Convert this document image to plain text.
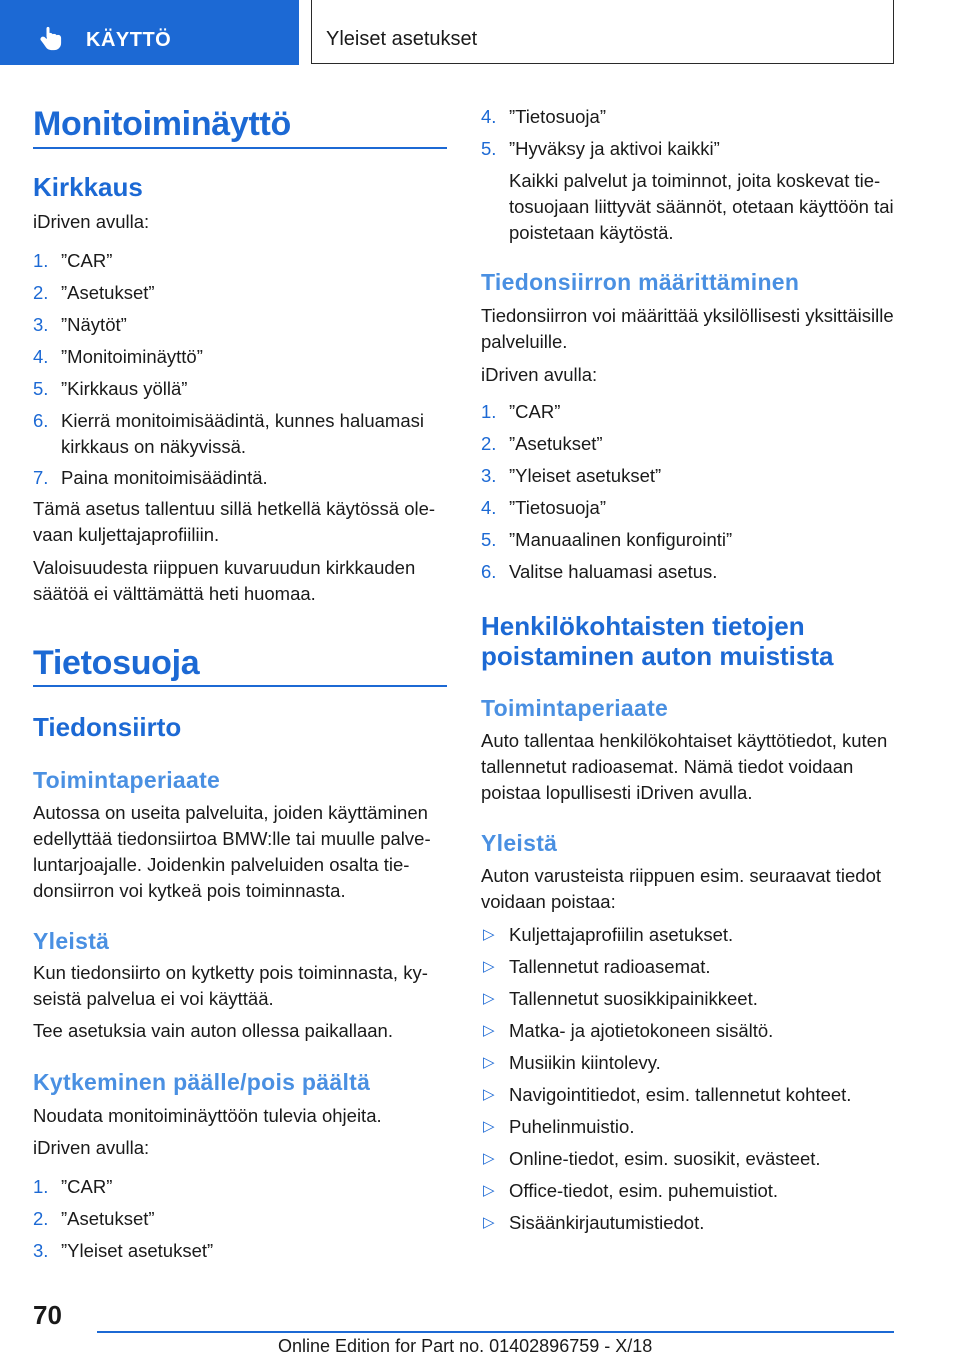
KÄYTTÖ	Yleiset asetukset
Monitoiminäyttö
Kirkkaus
iDriven avulla:
1. ”CAR”
2. ”Asetukset”
3. ”Näytöt”
4. ”Monitoiminäyttö”
5. ”Kirkkaus yöllä”
6. Kierrä monitoimisäädintä, kunnes haluamasi kirkkaus on näkyvissä.
7. Paina monitoimisäädintä.
Tämä asetus tallentuu sillä hetkellä käytössä olevaan kuljettajaprofiiliin.
Valoisuudesta riippuen kuvaruudun kirkkauden säätöä ei välttämättä heti huomaa.
Tietosuoja
Tiedonsiirto
Toimintaperiaate
Autossa on useita palveluita, joiden käyttäminen edellyttää tiedonsiirtoa BMW:lle tai muulle palveluntarjoajalle. Joidenkin palveluiden osalta tiedonsiirron voi kytkeä pois toiminnasta.
Yleistä
Kun tiedonsiirto on kytketty pois toiminnasta, kyseistä palvelua ei voi käyttää.
Tee asetuksia vain auton ollessa paikallaan.
Kytkeminen päälle/pois päältä
Noudata monitoiminäyttöön tulevia ohjeita.
iDriven avulla:
1. ”CAR”
2. ”Asetukset”
3. ”Yleiset asetukset”
4. ”Tietosuoja”
5. ”Hyväksy ja aktivoi kaikki”
Kaikki palvelut ja toiminnot, joita koskevat tietosuojaan liittyvät säännöt, otetaan käyttöön tai poistetaan käytöstä.
Tiedonsiirron määrittäminen
Tiedonsiirron voi määrittää yksilöllisesti yksittäisille palveluille.
iDriven avulla:
1. ”CAR”
2. ”Asetukset”
3. ”Yleiset asetukset”
4. ”Tietosuoja”
5. ”Manuaalinen konfigurointi”
6. Valitse haluamasi asetus.
Henkilökohtaisten tietojen
poistaminen auton muistista
Toimintaperiaate
Auto tallentaa henkilökohtaiset käyttötiedot, kuten tallennetut radioasemat. Nämä tiedot voidaan poistaa lopullisesti iDriven avulla.
Yleistä
Auton varusteista riippuen esim. seuraavat tiedot voidaan poistaa:
▷ Kuljettajaprofiilin asetukset.
▷ Tallennetut radioasemat.
▷ Tallennetut suosikkipainikkeet.
▷ Matka- ja ajotietokoneen sisältö.
▷ Musiikin kiintolevy.
▷ Navigointitiedot, esim. tallennetut kohteet.
▷ Puhelinmuistio.
▷ Online-tiedot, esim. suosikit, evästeet.
▷ Office-tiedot, esim. puhemuistiot.
▷ Sisäänkirjautumistiedot.
70
Online Edition for Part no. 01402896759 - X/18
